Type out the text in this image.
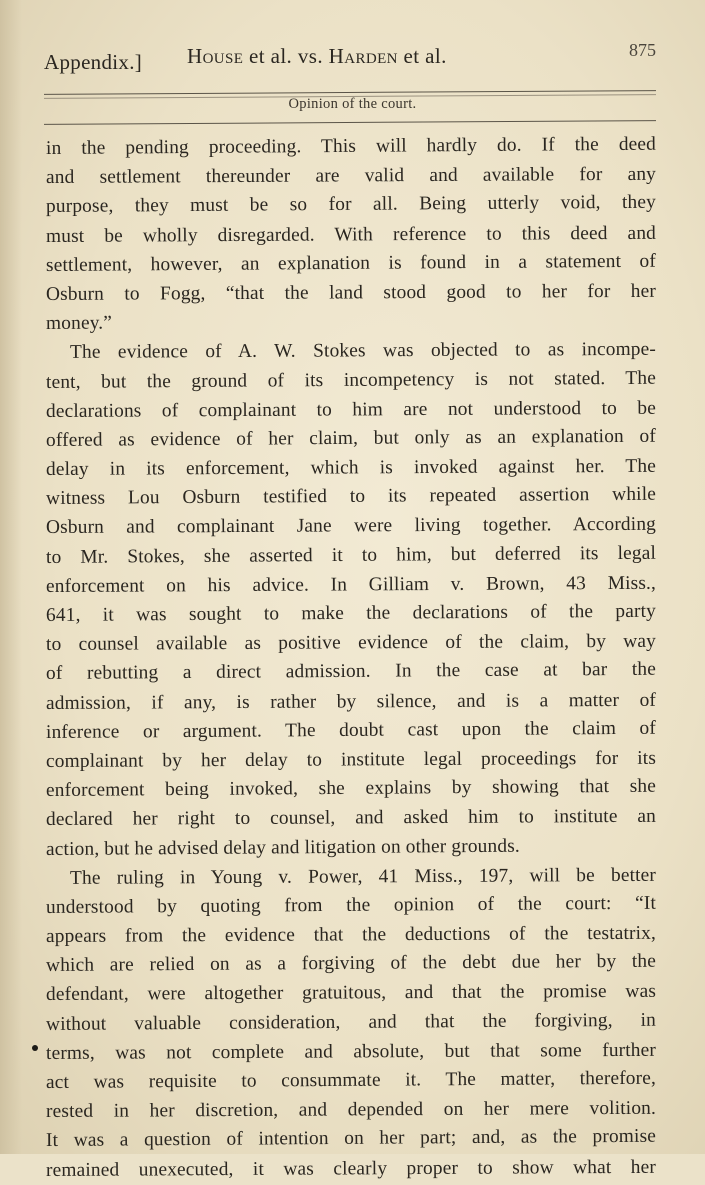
Appendix.] House et al. vs. Harden et al.	875
Opinion of the court.
in the pending proceeding. This will hardly do. If the deed
and settlement thereunder are valid and available for any
purpose, they must be so for all. Being utterly void, they
must be wholly disregarded. With reference to this deed and
settlement, however, an explanation is found in a statement of
Osburn to Fogg, “that the land stood good to her for her
money.”
The evidence of A. W. Stokes was objected to as incompe-
tent, but the ground of its incompetency is not stated. The
declarations of complainant to him are not understood to be
offered as evidence of her claim, but only as an explanation of
delay in its enforcement, which is invoked against her. The
witness Lou Osburn testified to its repeated assertion while
Osburn and complainant Jane were living together. According
to Mr. Stokes, she asserted it to him, but deferred its legal
enforcement on his advice. In Gilliam v. Brown, 43 Miss.,
641, it was sought to make the declarations of the party
to counsel available as positive evidence of the claim, by way
of rebutting a direct admission. In the case at bar the
admission, if any, is rather by silence, and is a matter of
inference or argument. The doubt cast upon the claim of
complainant by her delay to institute legal proceedings for its
enforcement being invoked, she explains by showing that she
declared her right to counsel, and asked him to institute an
action, but he advised delay and litigation on other grounds.
The ruling in Young v. Power, 41 Miss., 197, will be better
understood by quoting from the opinion of the court: “It
appears from the evidence that the deductions of the testatrix,
which are relied on as a forgiving of the debt due her by the
defendant, were altogether gratuitous, and that the promise was
without valuable consideration, and that the forgiving, in
terms, was not complete and absolute, but that some further
act was requisite to consummate it. The matter, therefore,
rested in her discretion, and depended on her mere volition.
It was a question of intention on her part; and, as the promise
remained unexecuted, it was clearly proper to show what her
